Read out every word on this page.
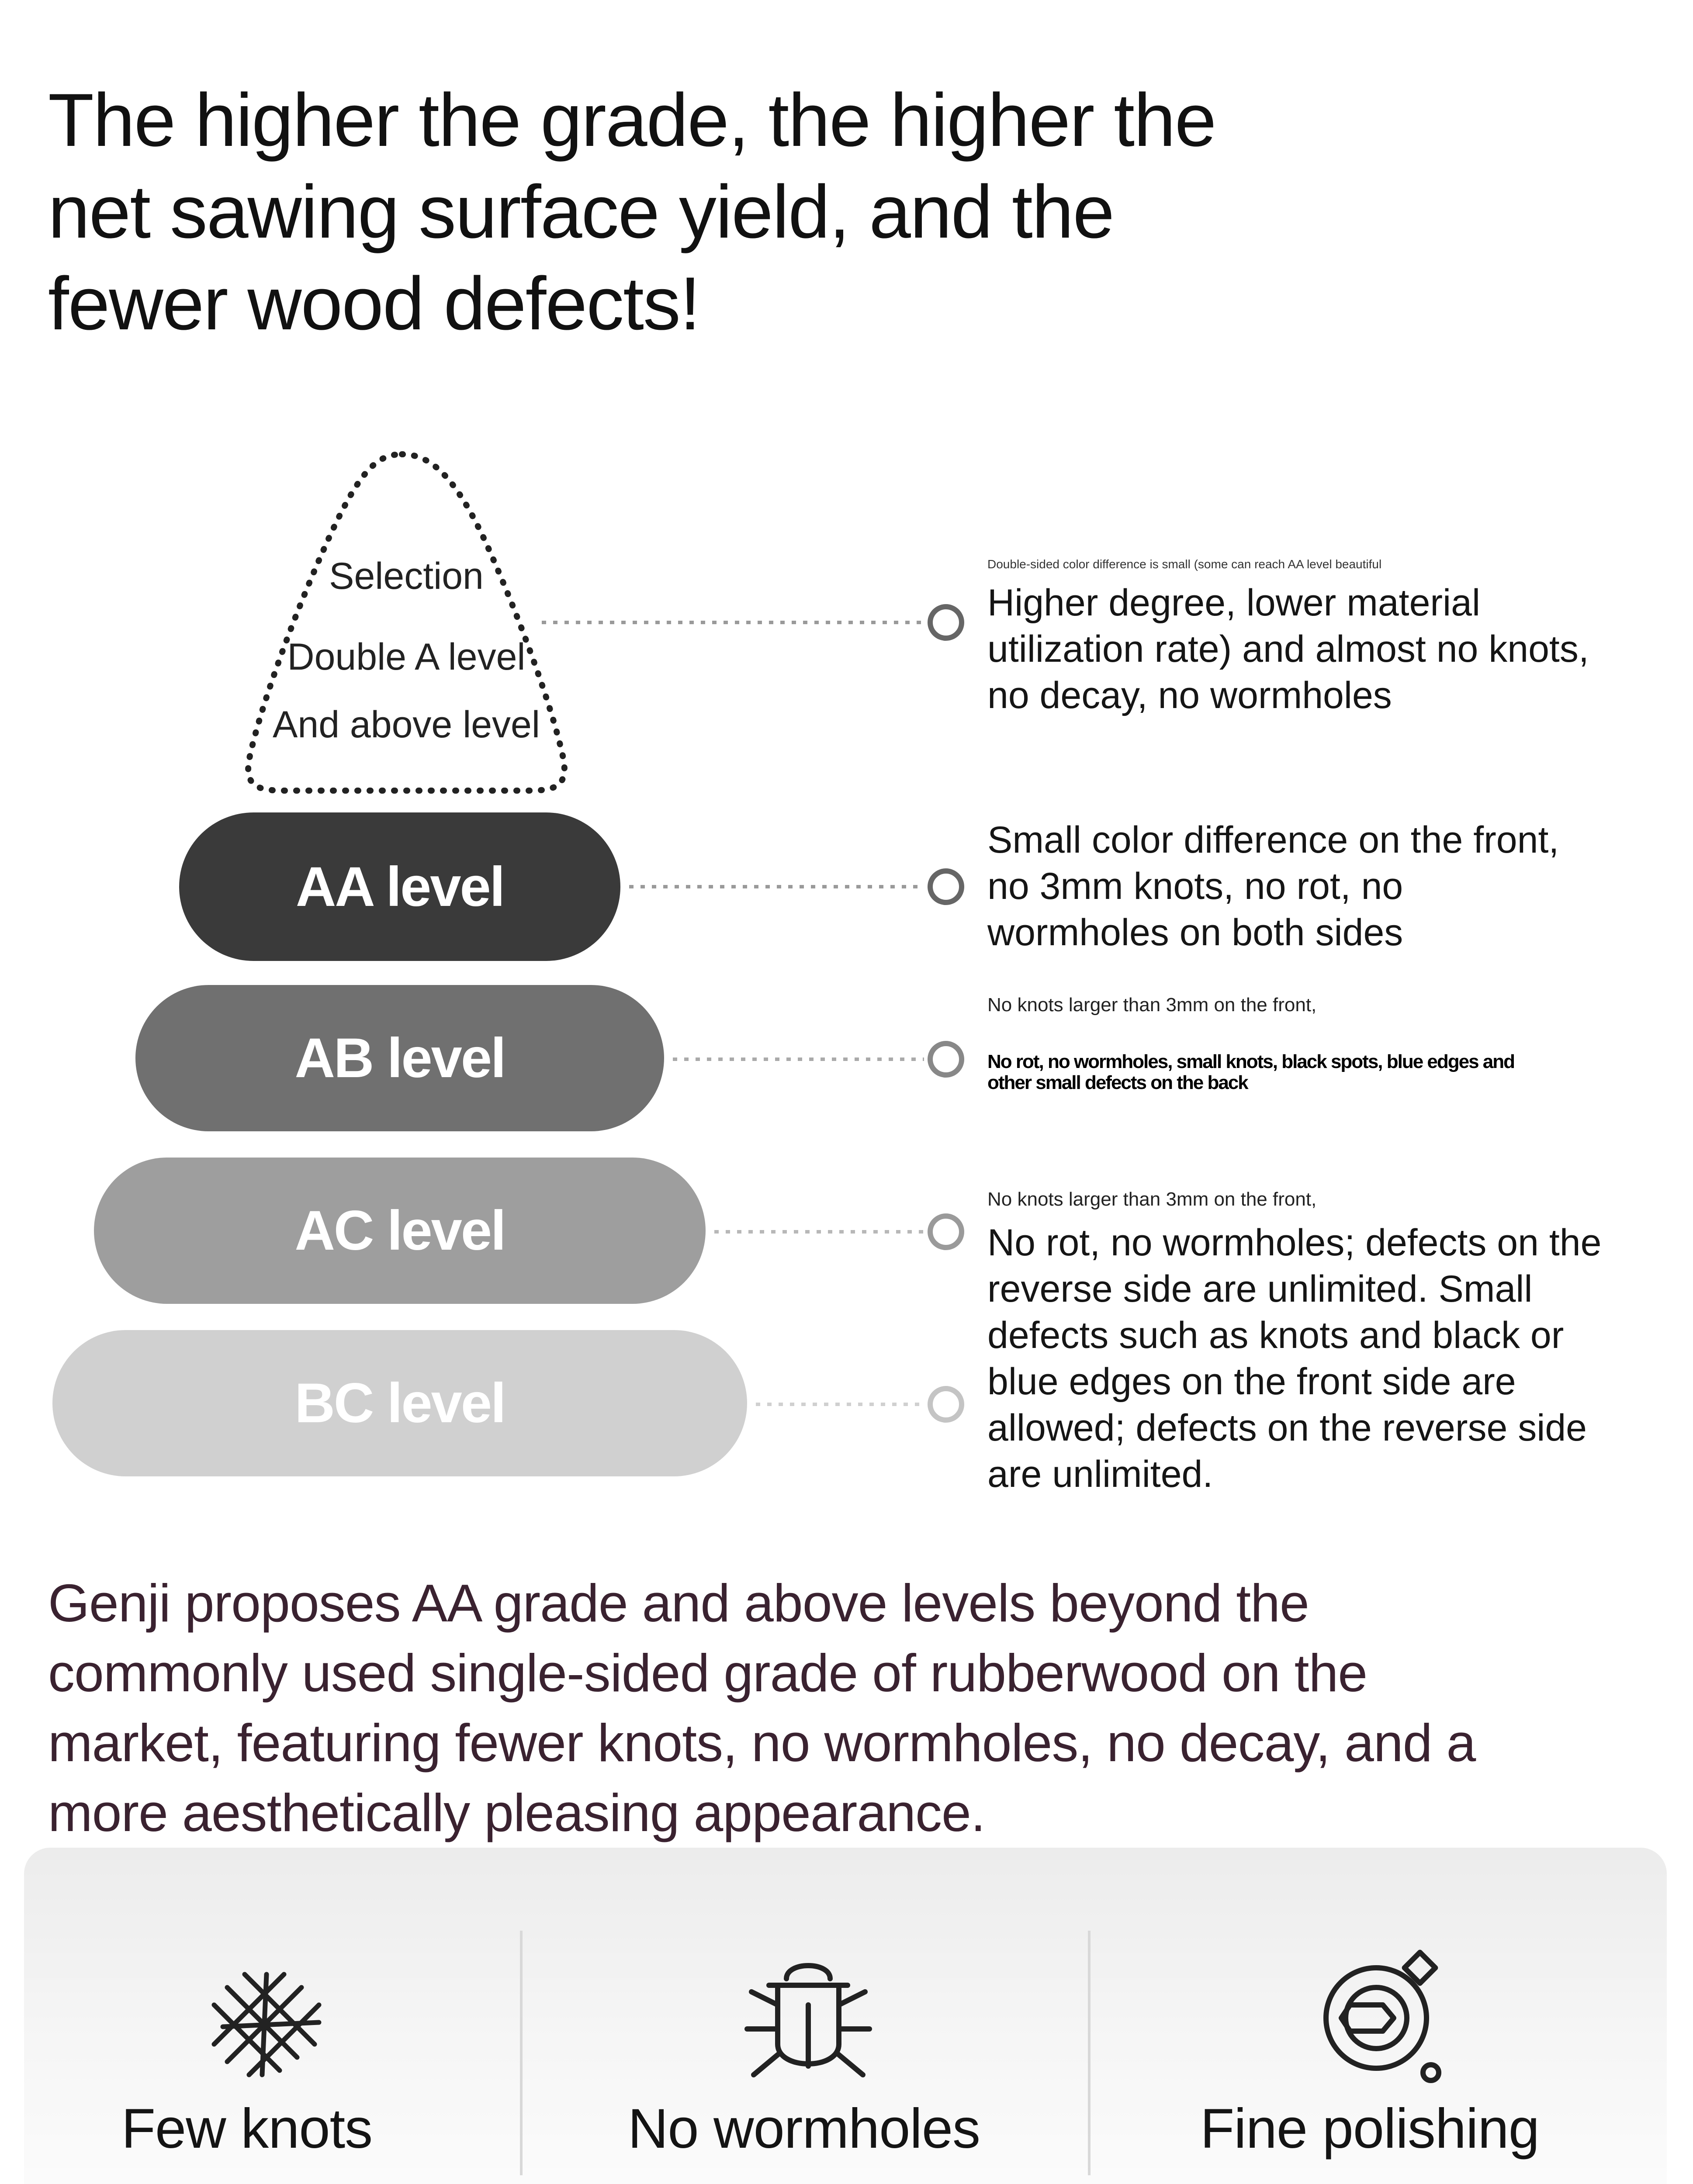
The higher the grade, the higher the
net sawing surface yield, and the
fewer wood defects!
Selection
Double A level
And above level
AA level
AB level
AC level
BC level
Double-sided color difference is small (some can reach AA level beautiful
Higher degree, lower material
utilization rate) and almost no knots,
no decay, no wormholes
Small color difference on the front,
no 3mm knots, no rot, no
wormholes on both sides
No knots larger than 3mm on the front,
No rot, no wormholes, small knots, black spots, blue edges and
other small defects on the back
No knots larger than 3mm on the front,
No rot, no wormholes; defects on the
reverse side are unlimited. Small
defects such as knots and black or
blue edges on the front side are
allowed; defects on the reverse side
are unlimited.
Genji proposes AA grade and above levels beyond the
commonly used single-sided grade of rubberwood on the
market, featuring fewer knots, no wormholes, no decay, and a
more aesthetically pleasing appearance.
Few knots	No wormholes	Fine polishing
